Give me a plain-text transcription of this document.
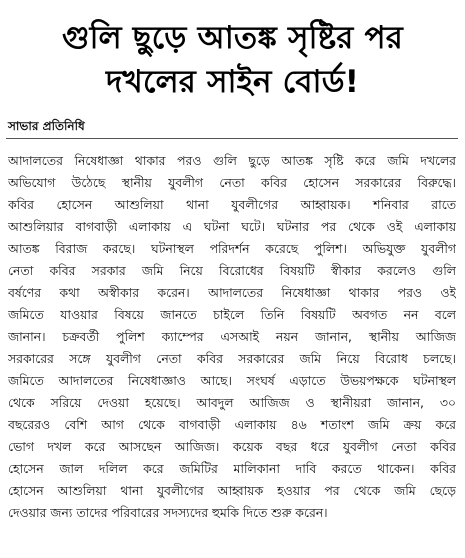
গুলি ছুড়ে আতঙ্ক সৃষ্টির পর
দখলের সাইন বোর্ড!
সাভার প্রতিনিধি
আদালতের নিষেধাজ্ঞা থাকার পরও গুলি ছুড়ে আতঙ্ক সৃষ্টি করে জমি দখলের
অভিযোগ উঠেছে স্থানীয় যুবলীগ নেতা কবির হোসেন সরকারের বিরুদ্ধে।
কবির হোসেন আশুলিয়া থানা যুবলীগের আহ্বায়ক। শনিবার রাতে
আশুলিয়ার বাগবাড়ী এলাকায় এ ঘটনা ঘটে। ঘটনার পর থেকে ওই এলাকায়
আতঙ্ক বিরাজ করছে। ঘটনাস্থল পরিদর্শন করেছে পুলিশ। অভিযুক্ত যুবলীগ
নেতা কবির সরকার জমি নিয়ে বিরোধের বিষয়টি স্বীকার করলেও গুলি
বর্ষণের কথা অস্বীকার করেন। আদালতের নিষেধাজ্ঞা থাকার পরও ওই
জমিতে যাওয়ার বিষয়ে জানতে চাইলে তিনি বিষয়টি অবগত নন বলে
জানান। চক্রবর্তী পুলিশ ক্যাম্পের এসআই নয়ন জানান, স্থানীয় আজিজ
সরকারের সঙ্গে যুবলীগ নেতা কবির সরকারের জমি নিয়ে বিরোধ চলছে।
জমিতে আদালতের নিষেধাজ্ঞাও আছে। সংঘর্ষ এড়াতে উভয়পক্ষকে ঘটনাস্থল
থেকে সরিয়ে দেওয়া হয়েছে। আবদুল আজিজ ও স্থানীয়রা জানান, ৩০
বছরেরও বেশি আগ থেকে বাগবাড়ী এলাকায় ৪৬ শতাংশ জমি ক্রয় করে
ভোগ দখল করে আসছেন আজিজ। কয়েক বছর ধরে যুবলীগ নেতা কবির
হোসেন জাল দলিল করে জমিটির মালিকানা দাবি করতে থাকেন। কবির
হোসেন আশুলিয়া থানা যুবলীগের আহ্বায়ক হওয়ার পর থেকে জমি ছেড়ে
দেওয়ার জন্য তাদের পরিবারের সদস্যদের হুমকি দিতে শুরু করেন।
